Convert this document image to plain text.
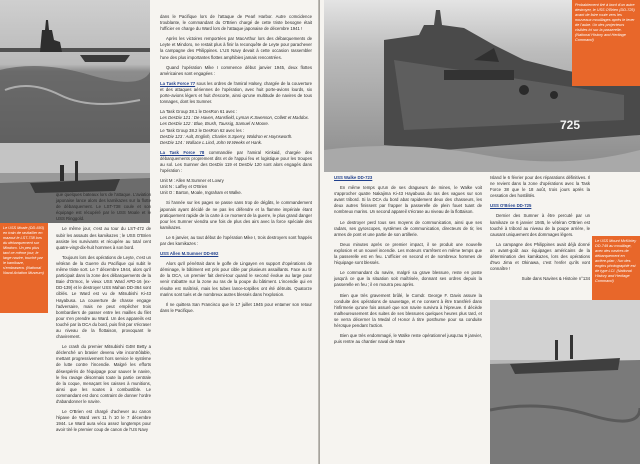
Le USS Moale (DD-693) en train de ravitailler en mazout le LST-738 lors du débarquement sur Mindoro. Un peu plus tard ce même jour, le large navire, touché par le kamikaze, s'embrasera. (National Naval Aviation Museum)

que quelques bateaux lors de l'attaque. L'aviation japonaise lance alors des kamikazes sur la flotte de débarquement. Le LST-738 coule et son équipage est récupéré par le USS Moale et le USS Ringgold.

Le même jour, c'est au tour du LST-472 de subir les assauts des kamikazes ; le USS O'Brien assiste les survivants et récupère au total cent quatre-vingt-dix-huit hommes à son bord.

Toujours lors des opérations de Leyte, c'est un vétéran de la Guerre du Pacifique qui subit le même triste sort. Le 7 décembre 1944, alors qu'il participait dans la zone des débarquements de la Baie d'Ormoc, le vieux USS Ward APD-16 (ex-DD-139) et le destroyer USS Mahan DD-364 sont ciblés. Le Ward est vu de Mitsubishi Ki-43 Hayabusa. La couverture de chasse engage l'adversaire, mais ne peut empêcher trois bombardiers de passer entre les mailles du filet pour s'en prendre au Ward. Un des appareils est touché par la DCA du bord, puis finit par s'écraser au niveau de la flottaison, provoquant le chavirement.

Le crash du premier Mitsubishi G4M Betty a déclenché un brasier devenu vite incontrôlable, mettant progressivement hors service le système de lutte contre l'incendie. Malgré les efforts désespérés de l'équipage pour sauver le navire, le feu ravage désormais toute la partie centrale de la coque, menaçant les caisses à munitions, ainsi que les soutes à combustible. Le commandant est donc contraint de donner l'ordre d'abandonner le navire.

Le O'Brien est chargé d'achever au canon l'épave de Ward vers 11 h 10 le 7 décembre 1944. Le Ward aura vécu assez longtemps pour avoir tiré le premier coup de canon de l'US Navy

dans le Pacifique lors de l'attaque de Pearl Harbor. Autre coïncidence troublante, le commandant du O'Brien chargé de cette triste besogne était l'officier en charge du Ward lors de l'attaque japonaise de décembre 1941 !

Après les victoires remportées par MacArthur lors des débarquements de Leyte et Mindoro, ne restait plus à finir la reconquête de Leyte pour parachever la campagne des Philippines. L'US Navy devait à cette occasion rassembler l'une des plus importantes flottes amphibies jamais rencontrées.

Quand l'opération Mike I commence début janvier 1945, deux flottes américaines sont engagées :

La Task Force 77 sous les ordres de l'amiral Halsey, chargée de la couverture et des attaques aériennes de l'opération, avec huit porte-avions lourds, six porte-avions légers et huit d'escorte, ainsi qu'une multitude de navires de tous tonnages, dont les Sumner.

La Task Group 38.1 le DesRon 61 avec :

Les DesDiv 121 : De Haven, Mansfield, Lyman K.Swenson, Collett et Maddox.

Les DesDiv 122 : Blue, Brush, Taussig, Samuel N.Moore.

Le Task Group 38.2 le DesRon 62 avec les :

DesDiv 123 : Ault, English, Charles S.Sperry, Waldron et Haynsworth.

DesDiv 124 : Wallace L.Lind, John W.Weeks et Hank.

La Task Force 78 commandée par l'amiral Kinkaid, chargée des débarquements proprement dits et de l'appui feu et logistique pour les troupes au sol. Les Sumner des DesDiv 119 et DesDiv 120 sont alors engagés dans l'opération :

Unit M : Allen M.Sumner et Lowry

Unit N : Laffey et O'Brien

Unit O : Barton, Moale, Ingraham et Walke.

Si l'année sur les pages se passe sans trop de dégâts, le commandement japonais ayant décidé de ne pas les défendre et la flamme impériale étant pratiquement rapide de la carte à ce moment de la guerre, le plus grand danger pour les Sumner viendra une fois de plus des airs avec la force spéciale des kamikazes.

Le 6 janvier, au tout début de l'opération Mike I, trois destroyers sont frappés par des kamikazes :

USS Allen M.Sumner DD-692

Alors qu'il pénétrait dans le golfe de Lingayen en support d'opérations de déminage, le bâtiment est pris pour cible par plusieurs assaillants. Face au tir de la DCA, un premier fait demi-tour quand le second évolue au large pour venir s'abattre sur la zone au ras de la poupe du bâtiment. L'incendie qui en résulte est maîtrisé, mais les tubes lance-torpilles ont été détruits. Quatorze marins sont tués et de nombreux autres blessés dans l'explosion.

Il ne quittera San Francisco que le 17 juillet 1945 pour entamer son retour dans le Pacifique.

725
Probablement tiré à bord d'un autre destroyer, le USS O'Brien (DD-725) avant de faire route vers les nouveaux mouillages après le lever de l'aube. Un des projecteurs visibles ici sur la passerelle. (National History and Heritage Command)

USS Walke DD-723

En même temps qu'un de ses dragueurs de mines, le Walke voit s'approcher quatre Nakajima Ki-43 Hayabusa du ras des vagues sur son avant tribord. Si la DCA du bord abat rapidement deux des chasseurs, les deux autres finissent par frapper la passerelle de plein fouet tuant de nombreux marins. Un second appareil s'écrase au niveau de la flottaison.

Le destroyer perd tous ses moyens de communication, ainsi que ses radars, ses gyroscopes, systèmes de communication, directeurs de tir, les armes de pont et une partie de son artillerie.

Deux minutes après ce premier impact, il se produit une nouvelle explosion et un nouvel incendie. Les moteurs s'arrêtent en même temps que la passerelle est en feu. L'officier en second et de nombreux hommes de l'équipage sont blessés.

Le commandant du navire, malgré sa grave blessure, reste en poste jusqu'à ce que la situation soit maîtrisée, donnant ses ordres depuis la passerelle en feu ; il en mourra peu après.

Bien que très gravement brûlé, le Comdr. George F. Davis assure la conduite des opérations de sauvetage, et ne consent à être transféré dans l'infirmerie qu'une fois assuré que son navire survivra à l'épreuve. Il décède malheureusement des suites de ses blessures quelques heures plus tard, et se verra décerner la Medal of Honor à titre posthume pour sa conduite héroïque pendant l'action.

Bien que très endommagé, le Walke reste opérationnel jusqu'au 9 janvier, puis rentre au chantier naval de Mare

Island le 6 février pour des réparations définitives. Il ne revient dans la zone d'opérations avec la Task Force 38 que le 18 août, trois jours après la cessation des hostilités.

USS O'Brien DD-725

Dernier des Sumner à être percuté par un kamikaze ce 6 janvier 1945, le vétéran O'Brien est touché à tribord au niveau de la poupe arrière, le causant uniquement des dommages légers.

La campagne des Philippines avait déjà donné un avant-goût aux équipages américains de la détermination des kamikazes, lors des opérations d'Iwo Jima et Okinawa, c'est l'enfer qu'ils vont connaître !

Suite dans Navires & Histoire n°134

Le USS Mount McKinley DD-749 au mouillage, avec des navires de débarquement en arrière-plan ; l'un des engins photographié est de type LCI. (National History and Heritage Command)
